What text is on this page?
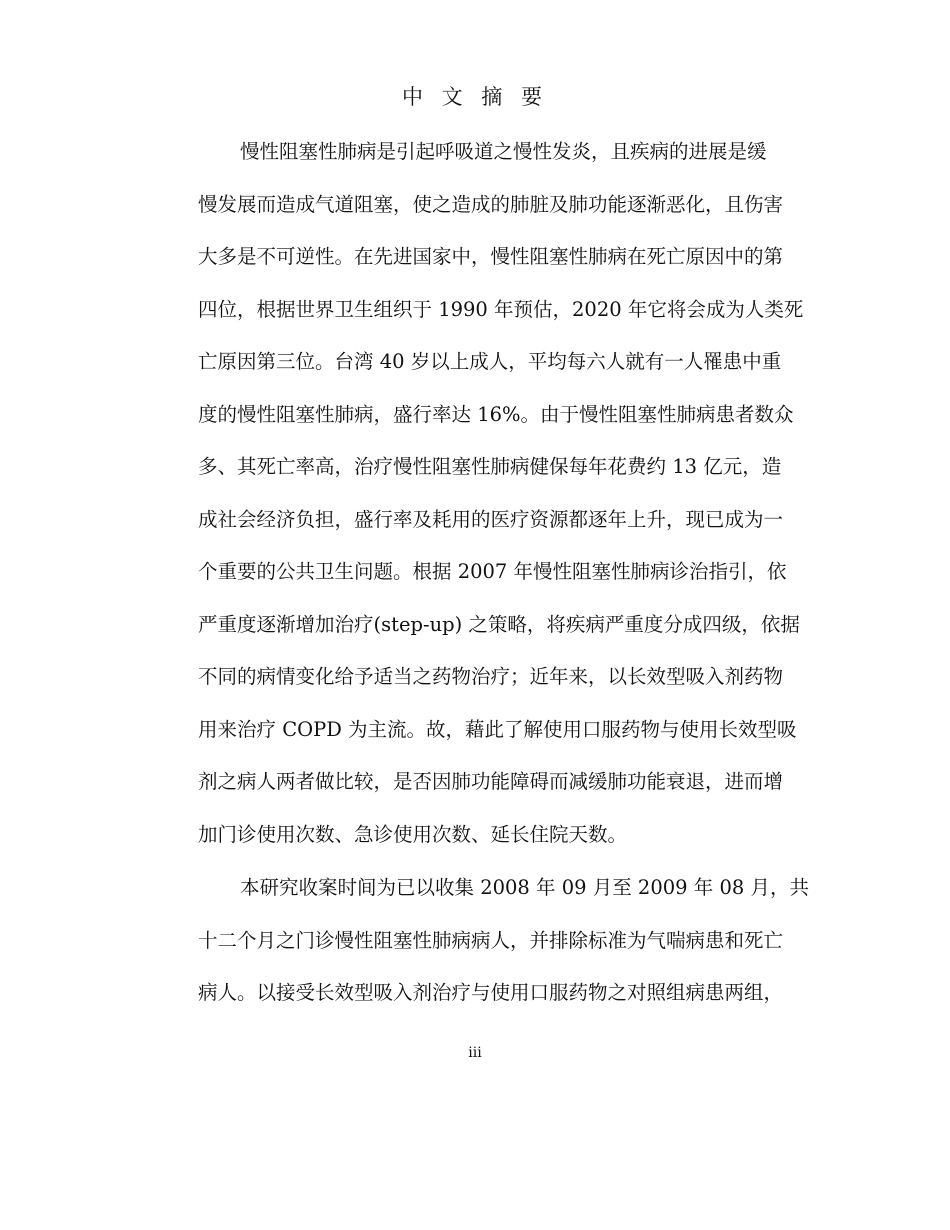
中 文 摘 要
慢性阻塞性肺病是引起呼吸道之慢性发炎，且疾病的进展是缓
慢发展而造成气道阻塞，使之造成的肺脏及肺功能逐渐恶化，且伤害
大多是不可逆性。在先进国家中，慢性阻塞性肺病在死亡原因中的第
四位，根据世界卫生组织于 1990 年预估，2020 年它将会成为人类死
亡原因第三位。台湾 40 岁以上成人，平均每六人就有一人罹患中重
度的慢性阻塞性肺病，盛行率达 16%。由于慢性阻塞性肺病患者数众
多、其死亡率高，治疗慢性阻塞性肺病健保每年花费约 13 亿元，造
成社会经济负担，盛行率及耗用的医疗资源都逐年上升，现已成为一
个重要的公共卫生问题。根据 2007 年慢性阻塞性肺病诊治指引，依
严重度逐渐增加治疗(step-up) 之策略，将疾病严重度分成四级，依据
不同的病情变化给予适当之药物治疗；近年来，以长效型吸入剂药物
用来治疗 COPD 为主流。故，藉此了解使用口服药物与使用长效型吸
剂之病人两者做比较，是否因肺功能障碍而减缓肺功能衰退，进而增
加门诊使用次数、急诊使用次数、延长住院天数。
本研究收案时间为已以收集 2008 年 09 月至 2009 年 08 月，共
十二个月之门诊慢性阻塞性肺病病人，并排除标准为气喘病患和死亡
病人。以接受长效型吸入剂治疗与使用口服药物之对照组病患两组，
iii
